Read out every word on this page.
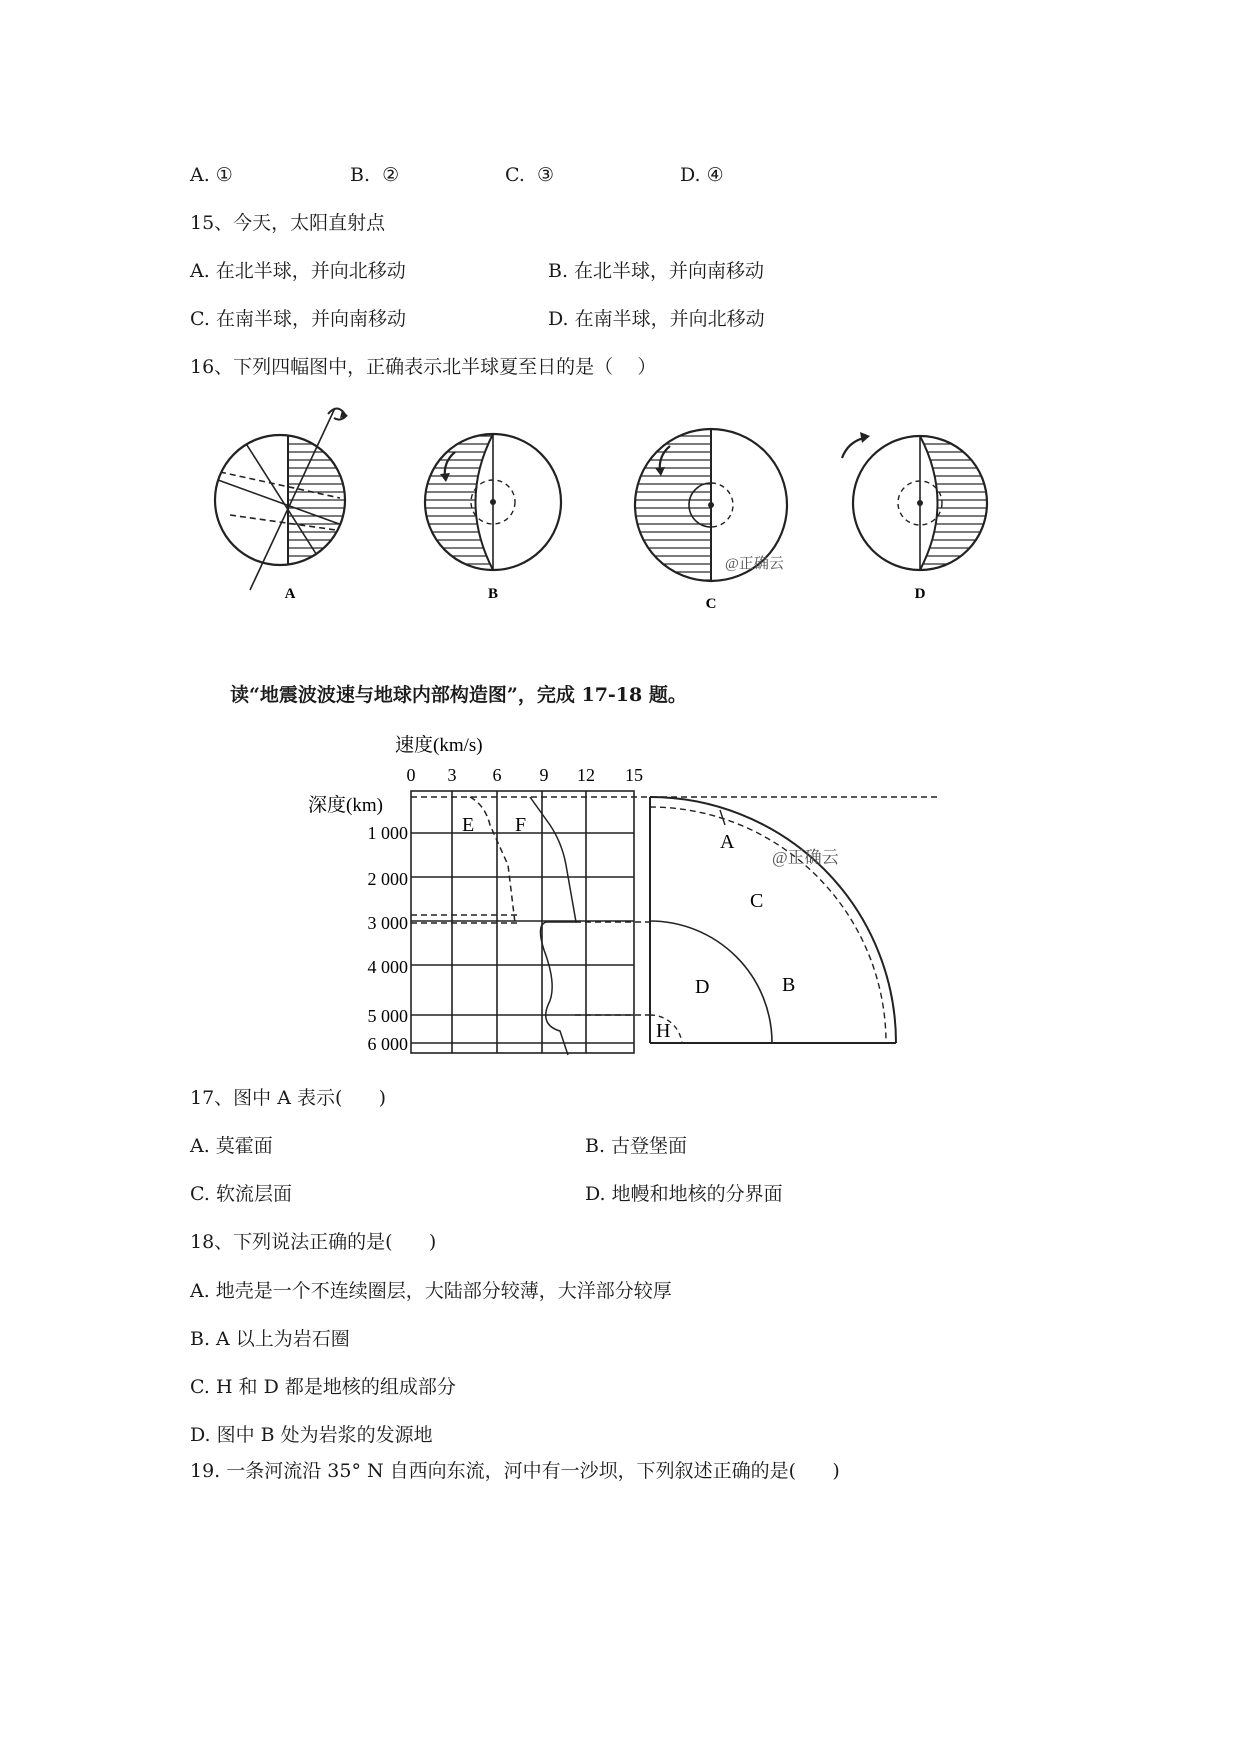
A. ①	B.  ②	C.  ③	D. ④
15、今天，太阳直射点
A. 在北半球，并向北移动	B. 在北半球，并向南移动
C. 在南半球，并向南移动	D. 在南半球，并向北移动
16、下列四幅图中，正确表示北半球夏至日的是（    ）
A	B
@正确云
C
D
读“地震波波速与地球内部构造图”，完成 17-18 题。
速度(km/s)
0 3 6 9 12 15
深度(km)
1 000
2 000
3 000
4 000
5 000
6 000
E F
A
@正确云
C
D	B
H
17、图中 A 表示(      )
A. 莫霍面	B. 古登堡面
C. 软流层面	D. 地幔和地核的分界面
18、下列说法正确的是(      )
A. 地壳是一个不连续圈层，大陆部分较薄，大洋部分较厚
B. A 以上为岩石圈
C. H 和 D 都是地核的组成部分
D. 图中 B 处为岩浆的发源地
19. 一条河流沿 35° N 自西向东流，河中有一沙坝，下列叙述正确的是(      )
